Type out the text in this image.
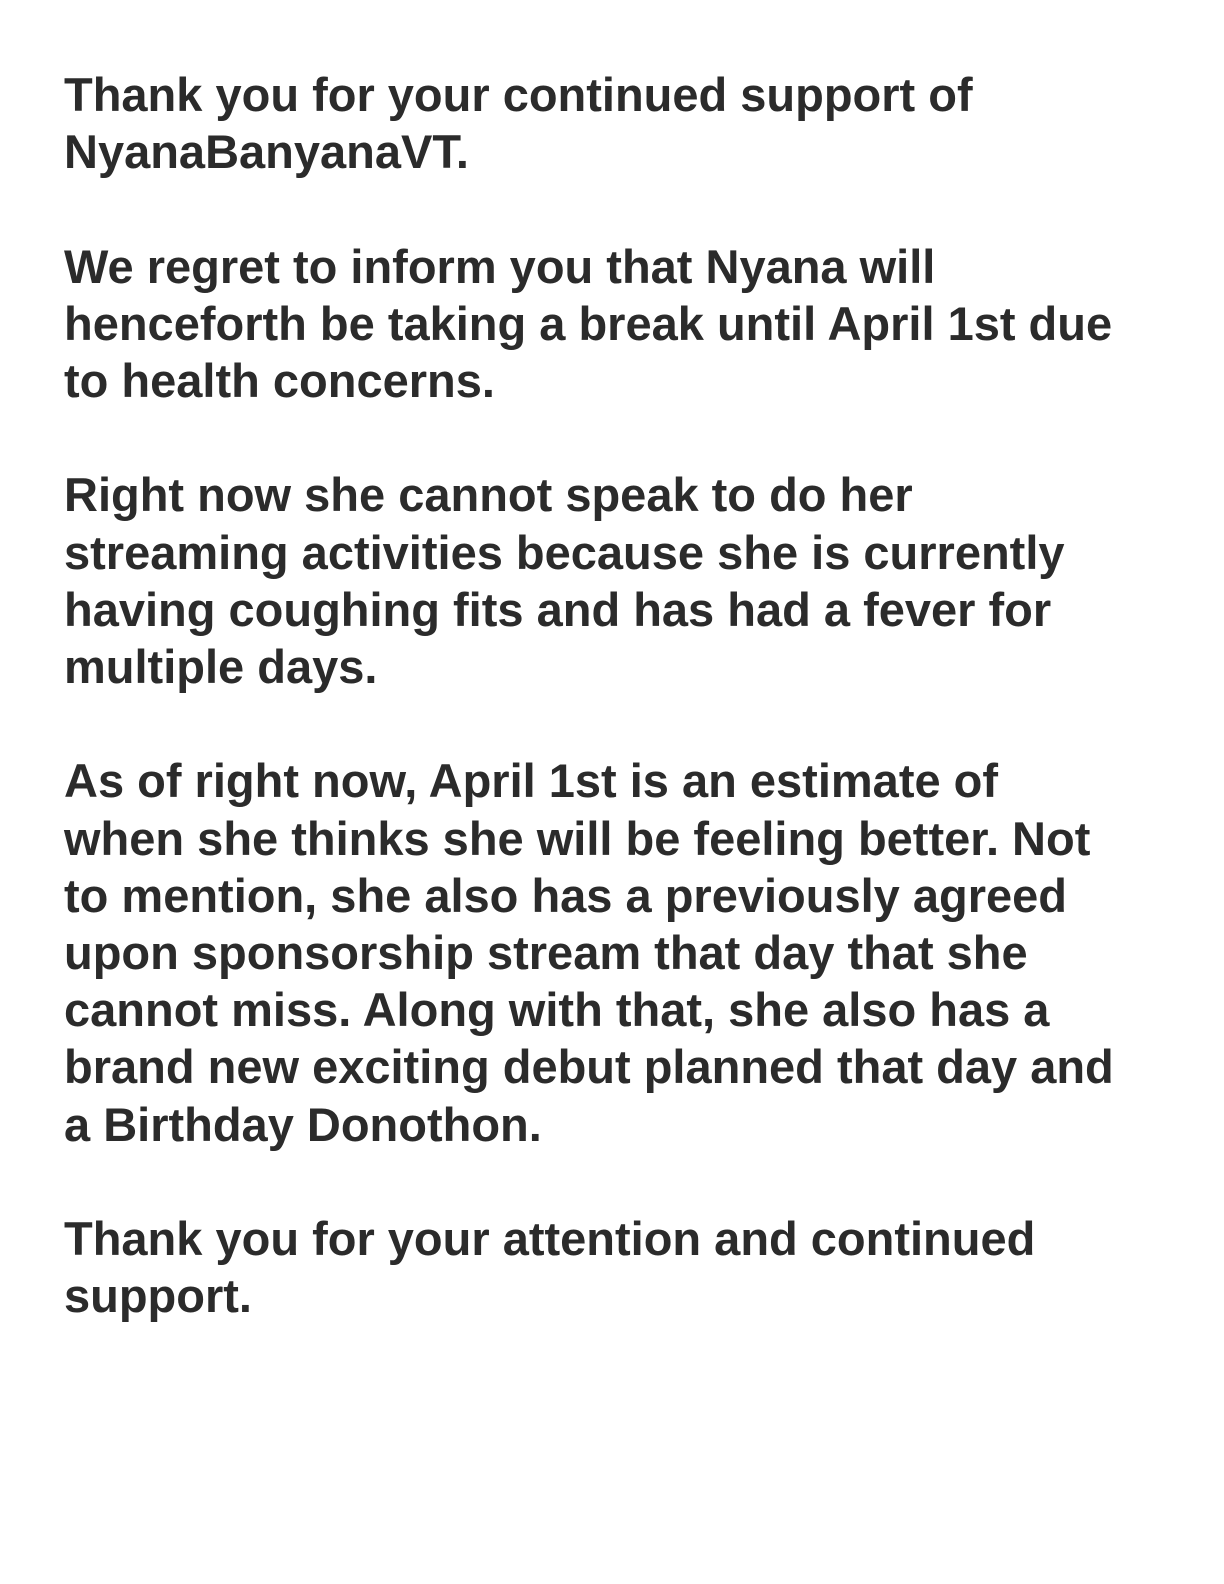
Thank you for your continued support of
NyanaBanyanaVT.

We regret to inform you that Nyana will
henceforth be taking a break until April 1st due
to health concerns.

Right now she cannot speak to do her
streaming activities because she is currently
having coughing fits and has had a fever for
multiple days.

As of right now, April 1st is an estimate of
when she thinks she will be feeling better. Not
to mention, she also has a previously agreed
upon sponsorship stream that day that she
cannot miss. Along with that, she also has a
brand new exciting debut planned that day and
a Birthday Donothon.

Thank you for your attention and continued
support.
